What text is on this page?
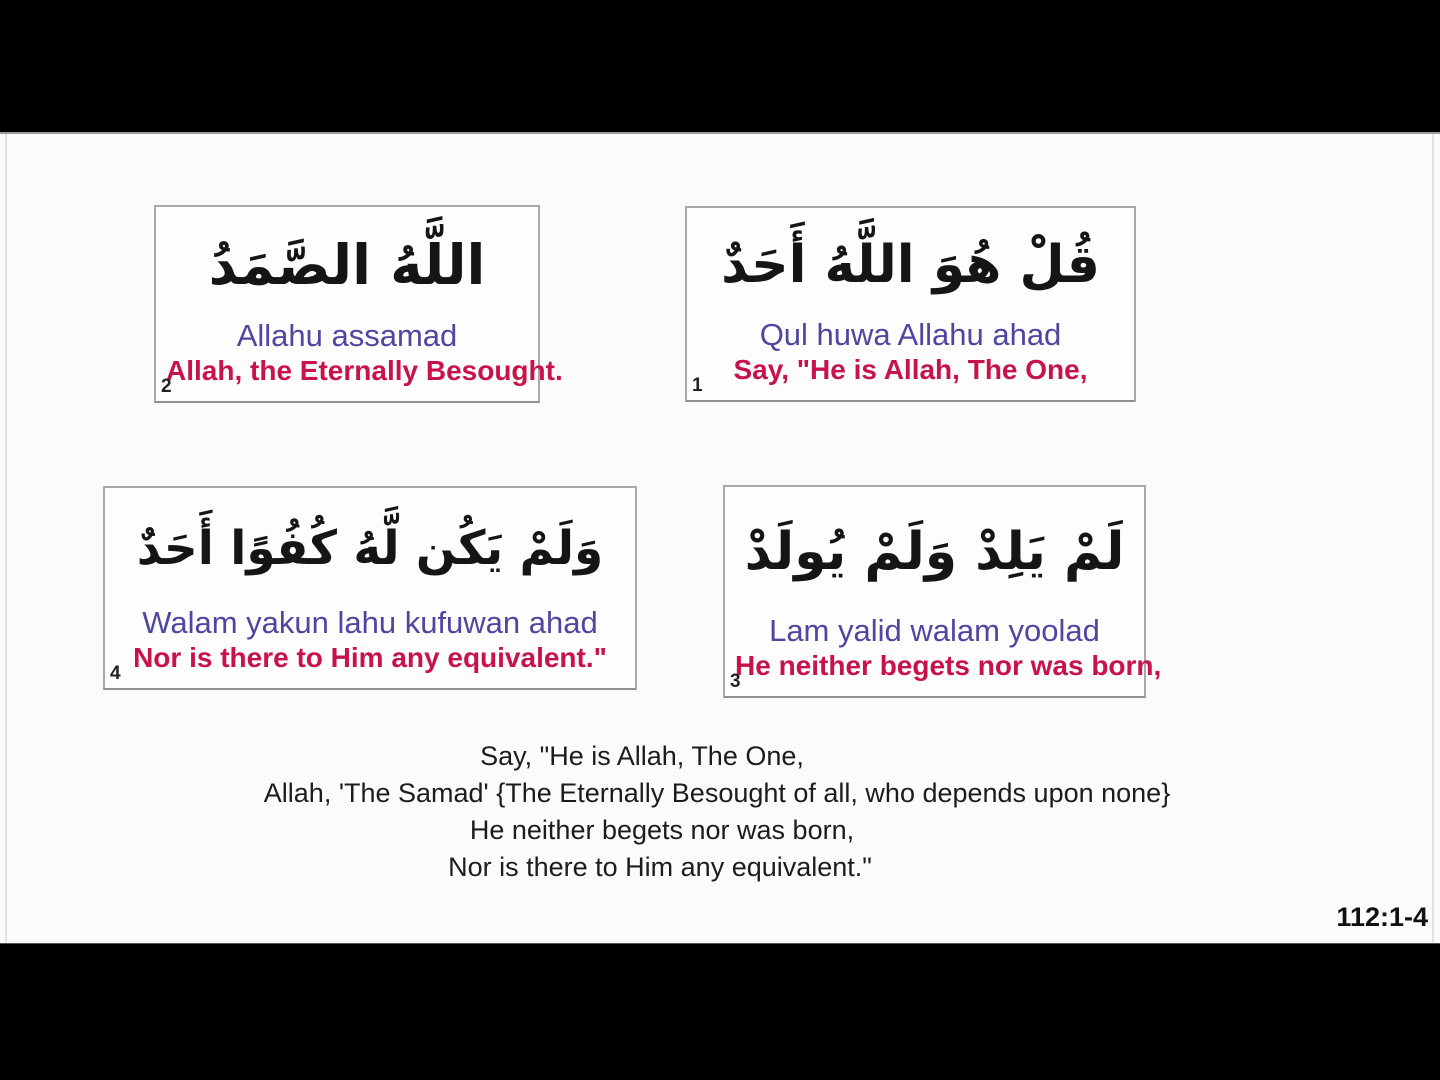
قُلْ هُوَ اللَّهُ أَحَدٌ
Qul huwa Allahu ahad
Say, "He is Allah, The One,
1
اللَّهُ الصَّمَدُ
Allahu assamad
Allah, the Eternally Besought.
2
لَمْ يَلِدْ وَلَمْ يُولَدْ
Lam yalid walam yoolad
He neither begets nor was born,
3
وَلَمْ يَكُن لَّهُ كُفُوًا أَحَدٌ
Walam yakun lahu kufuwan ahad
Nor is there to Him any equivalent."
4
Say, "He is Allah, The One,
Allah, 'The Samad' {The Eternally Besought of all, who depends upon none}
He neither begets nor was born,
Nor is there to Him any equivalent."
112:1-4
